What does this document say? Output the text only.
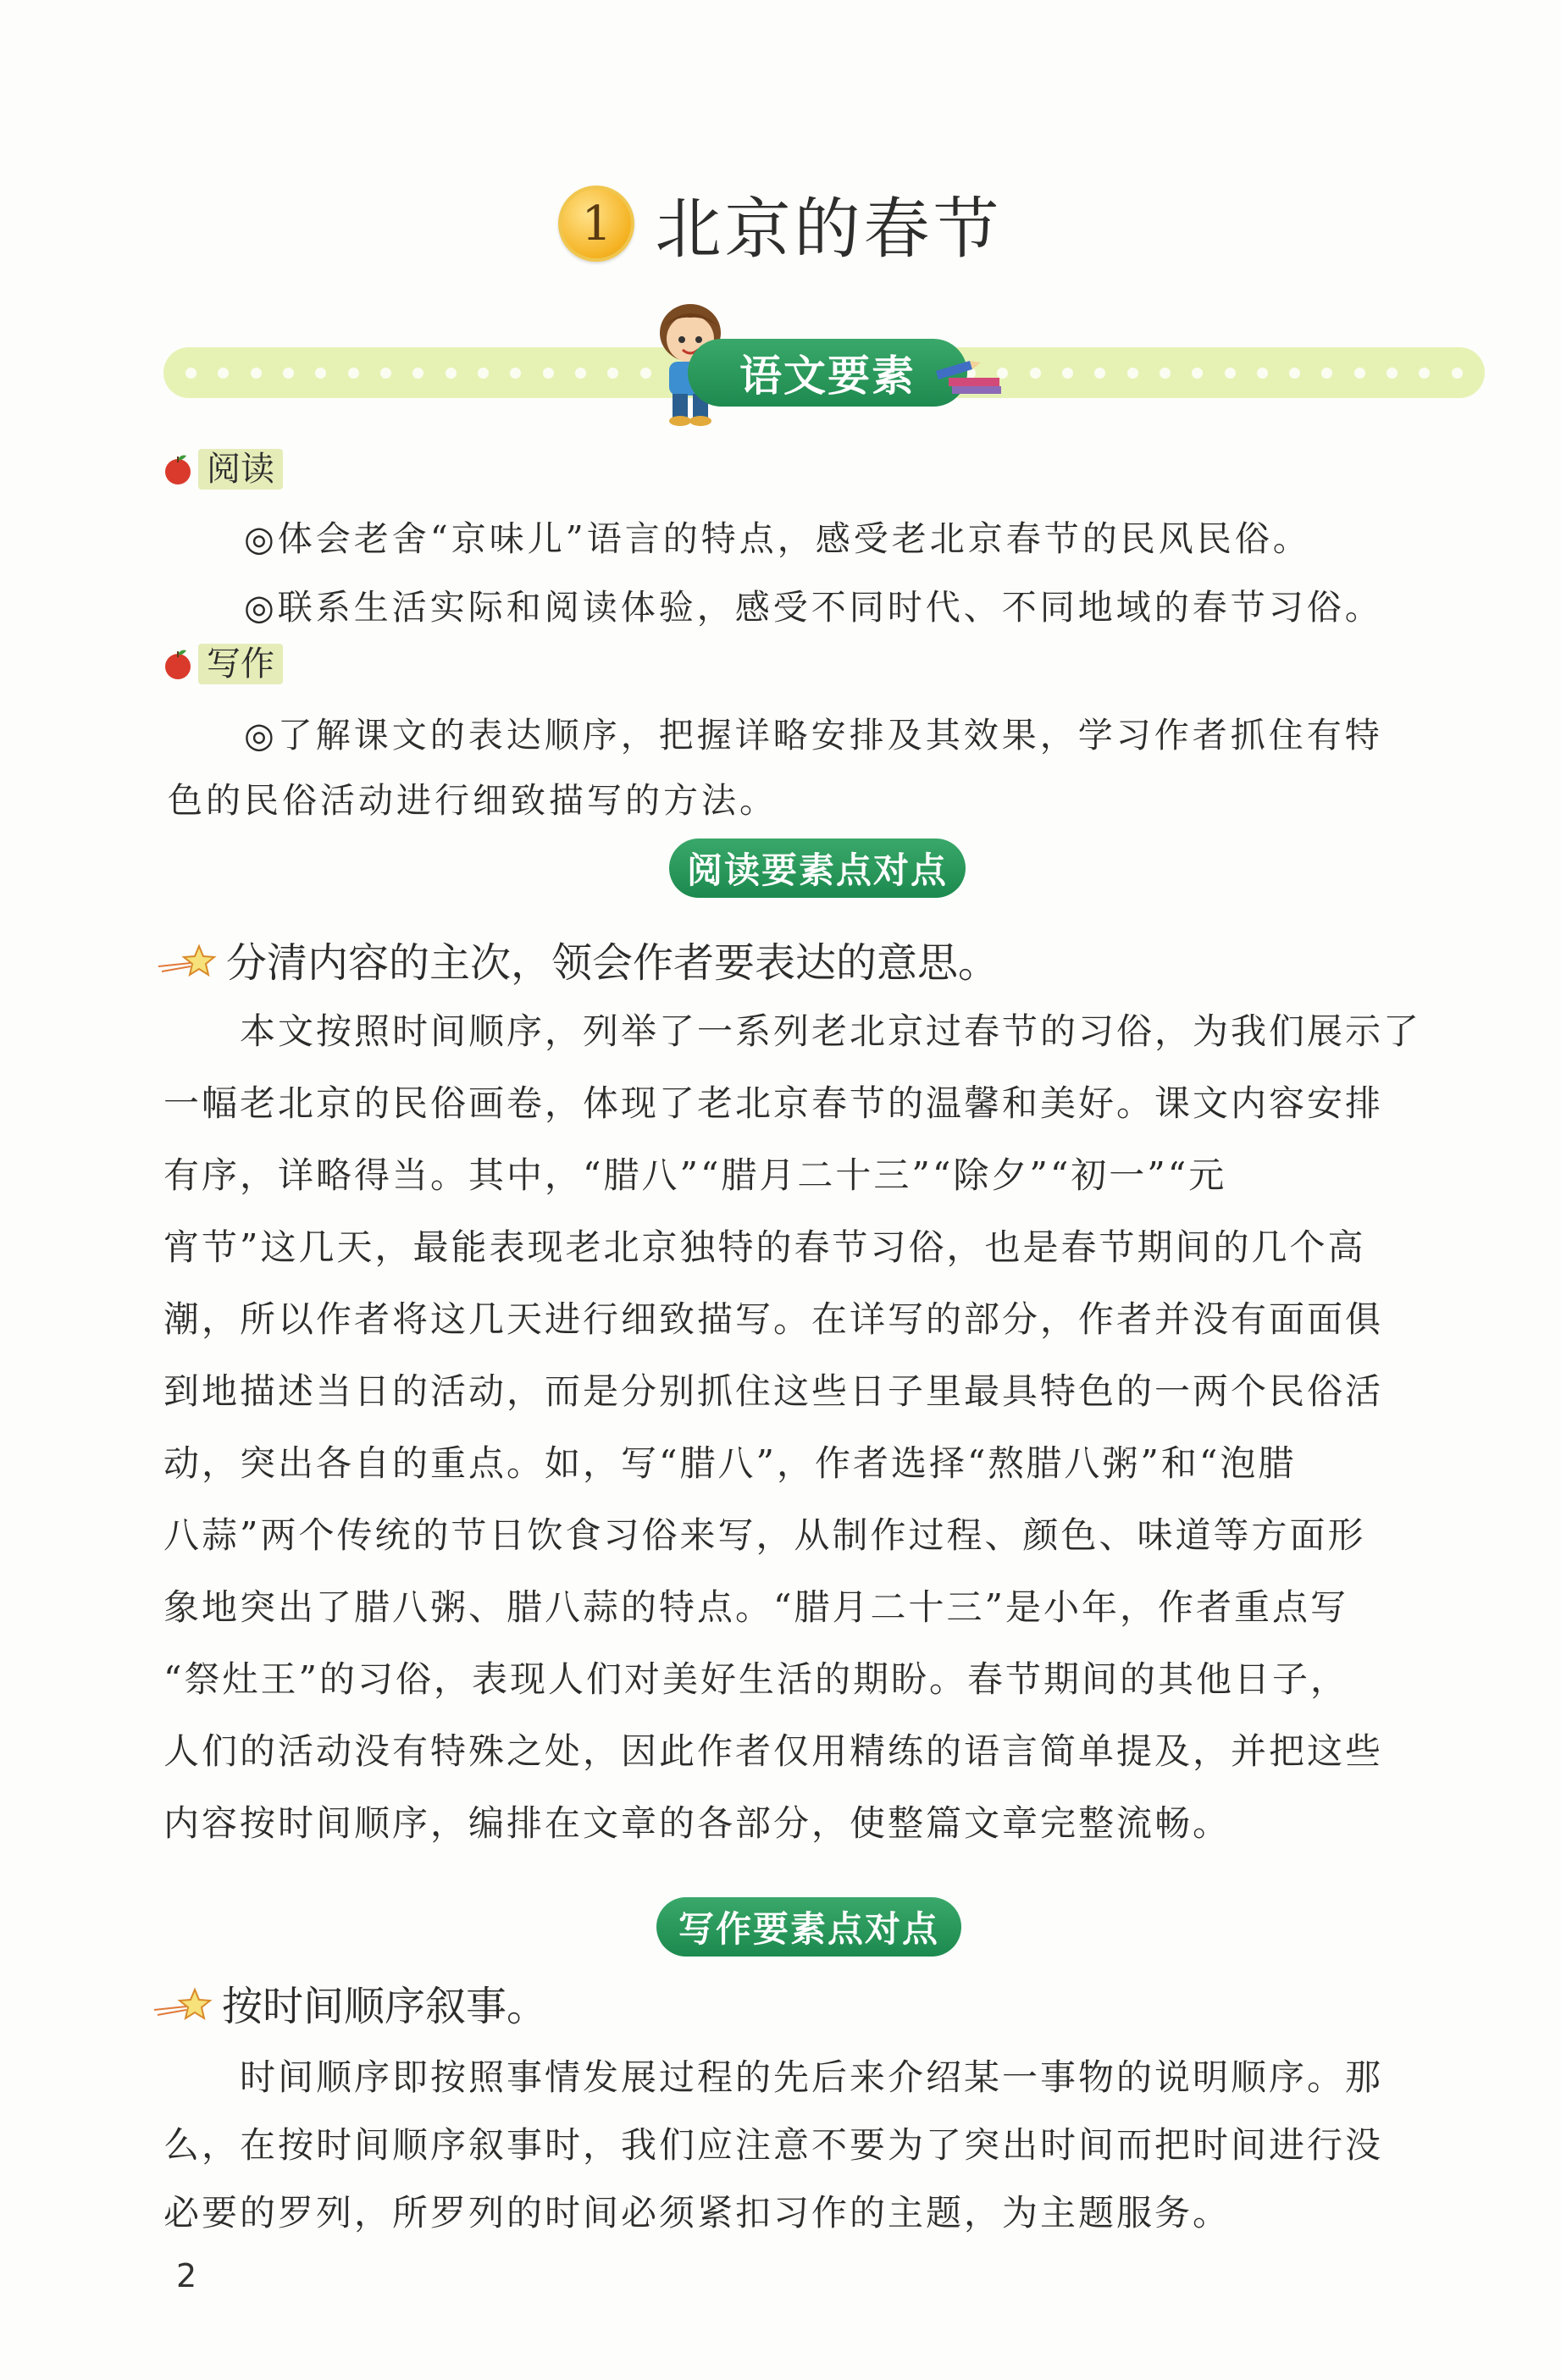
1 北京的春节
语文要素
阅读
◎体会老舍“京味儿”语言的特点，感受老北京春节的民风民俗。
◎联系生活实际和阅读体验，感受不同时代、不同地域的春节习俗。
写作
◎了解课文的表达顺序，把握详略安排及其效果，学习作者抓住有特
色的民俗活动进行细致描写的方法。
阅读要素点对点
分清内容的主次，领会作者要表达的意思。
　　本文按照时间顺序，列举了一系列老北京过春节的习俗，为我们展示了
一幅老北京的民俗画卷，体现了老北京春节的温馨和美好。课文内容安排
有序，详略得当。其中，“腊八”“腊月二十三”“除夕”“初一”“元
宵节”这几天，最能表现老北京独特的春节习俗，也是春节期间的几个高
潮，所以作者将这几天进行细致描写。在详写的部分，作者并没有面面俱
到地描述当日的活动，而是分别抓住这些日子里最具特色的一两个民俗活
动，突出各自的重点。如，写“腊八”，作者选择“熬腊八粥”和“泡腊
八蒜”两个传统的节日饮食习俗来写，从制作过程、颜色、味道等方面形
象地突出了腊八粥、腊八蒜的特点。“腊月二十三”是小年，作者重点写
“祭灶王”的习俗，表现人们对美好生活的期盼。春节期间的其他日子，
人们的活动没有特殊之处，因此作者仅用精练的语言简单提及，并把这些
内容按时间顺序，编排在文章的各部分，使整篇文章完整流畅。
写作要素点对点
按时间顺序叙事。
　　时间顺序即按照事情发展过程的先后来介绍某一事物的说明顺序。那
么，在按时间顺序叙事时，我们应注意不要为了突出时间而把时间进行没
必要的罗列，所罗列的时间必须紧扣习作的主题，为主题服务。
2
